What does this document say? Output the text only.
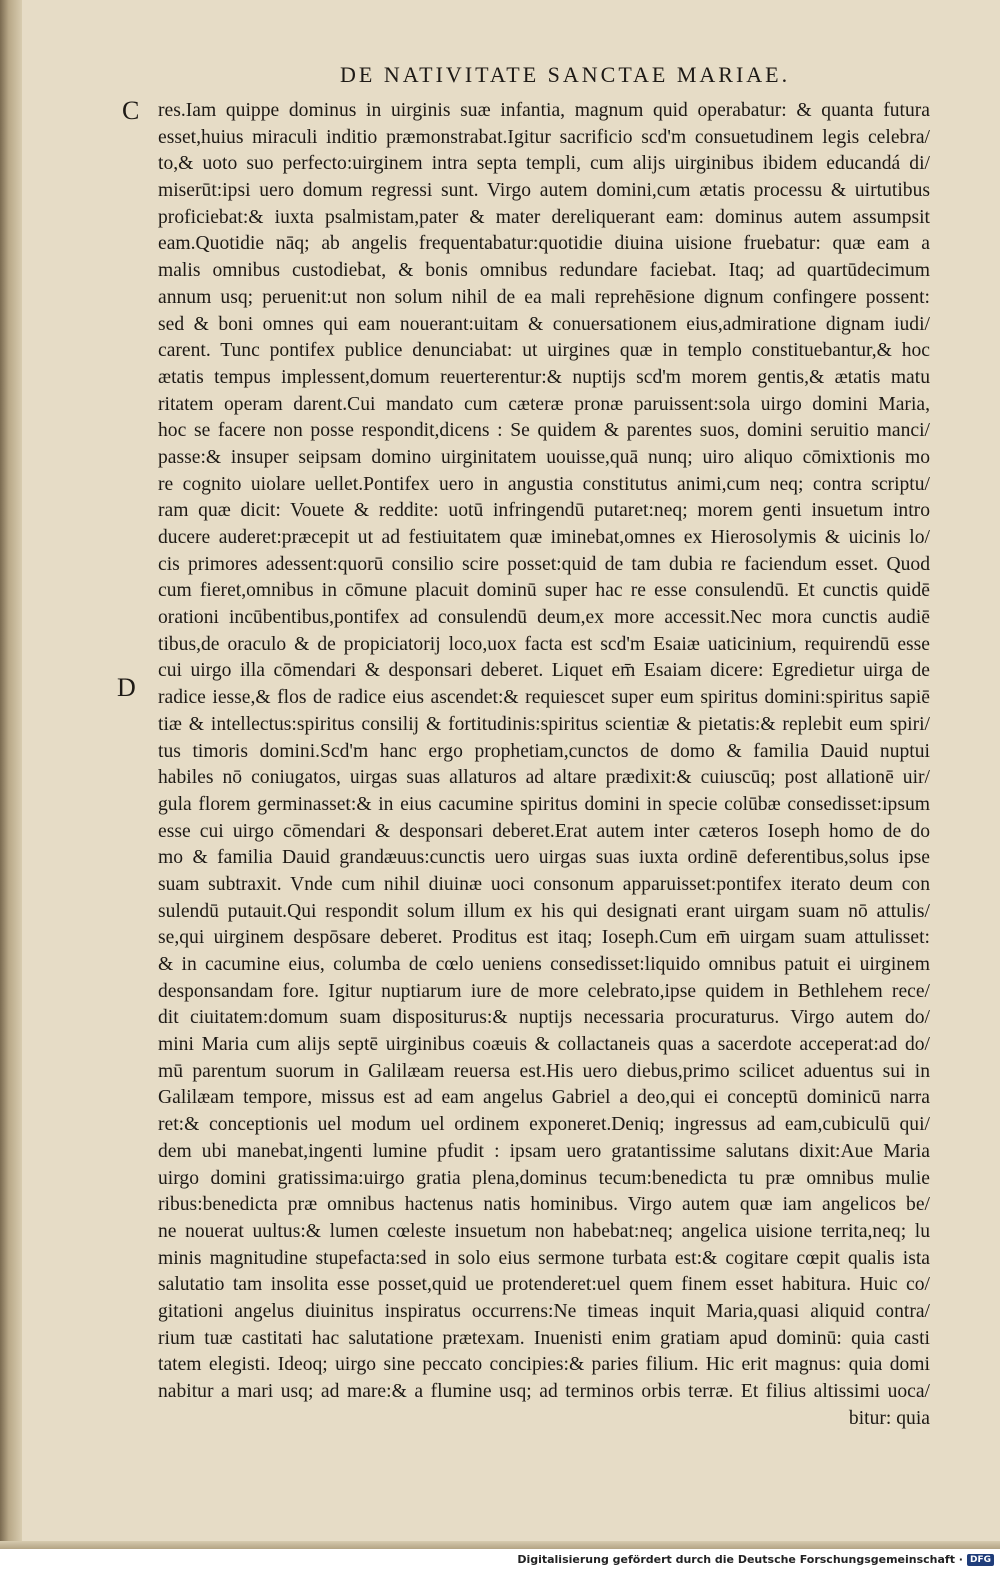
DE NATIVITATE SANCTAE MARIAE.
C
D
res.Iam quippe dominus in uirginis suæ infantia, magnum quid operabatur: & quanta futura
esset,huius miraculi inditio præmonstrabat.Igitur sacrificio scd'm consuetudinem legis celebra/
to,& uoto suo perfecto:uirginem intra septa templi, cum alijs uirginibus ibidem educandá di/
miserūt:ipsi uero domum regressi sunt. Virgo autem domini,cum ætatis processu & uirtutibus
proficiebat:& iuxta psalmistam,pater & mater dereliquerant eam: dominus autem assumpsit
eam.Quotidie nāq; ab angelis frequentabatur:quotidie diuina uisione fruebatur: quæ eam a
malis omnibus custodiebat, & bonis omnibus redundare faciebat. Itaq; ad quartūdecimum
annum usq; peruenit:ut non solum nihil de ea mali reprehēsione dignum confingere possent:
sed & boni omnes qui eam nouerant:uitam & conuersationem eius,admiratione dignam iudi/
carent. Tunc pontifex publice denunciabat: ut uirgines quæ in templo constituebantur,& hoc
ætatis tempus implessent,domum reuerterentur:& nuptijs scd'm morem gentis,& ætatis matu
ritatem operam darent.Cui mandato cum cæteræ pronæ paruissent:sola uirgo domini Maria,
hoc se facere non posse respondit,dicens : Se quidem & parentes suos, domini seruitio manci/
passe:& insuper seipsam domino uirginitatem uouisse,quā nunq; uiro aliquo cōmixtionis mo
re cognito uiolare uellet.Pontifex uero in angustia constitutus animi,cum neq; contra scriptu/
ram quæ dicit: Vouete & reddite: uotū infringendū putaret:neq; morem genti insuetum intro
ducere auderet:præcepit ut ad festiuitatem quæ iminebat,omnes ex Hierosolymis & uicinis lo/
cis primores adessent:quorū consilio scire posset:quid de tam dubia re faciendum esset. Quod
cum fieret,omnibus in cōmune placuit dominū super hac re esse consulendū. Et cunctis quidē
orationi incūbentibus,pontifex ad consulendū deum,ex more accessit.Nec mora cunctis audiē
tibus,de oraculo & de propiciatorij loco,uox facta est scd'm Esaiæ uaticinium, requirendū esse
cui uirgo illa cōmendari & desponsari deberet. Liquet em̄ Esaiam dicere: Egredietur uirga de
radice iesse,& flos de radice eius ascendet:& requiescet super eum spiritus domini:spiritus sapiē
tiæ & intellectus:spiritus consilij & fortitudinis:spiritus scientiæ & pietatis:& replebit eum spiri/
tus timoris domini.Scd'm hanc ergo prophetiam,cunctos de domo & familia Dauid nuptui
habiles nō coniugatos, uirgas suas allaturos ad altare prædixit:& cuiuscūq; post allationē uir/
gula florem germinasset:& in eius cacumine spiritus domini in specie colūbæ consedisset:ipsum
esse cui uirgo cōmendari & desponsari deberet.Erat autem inter cæteros Ioseph homo de do
mo & familia Dauid grandæuus:cunctis uero uirgas suas iuxta ordinē deferentibus,solus ipse
suam subtraxit. Vnde cum nihil diuinæ uoci consonum apparuisset:pontifex iterato deum con
sulendū putauit.Qui respondit solum illum ex his qui designati erant uirgam suam nō attulis/
se,qui uirginem despōsare deberet. Proditus est itaq; Ioseph.Cum em̄ uirgam suam attulisset:
& in cacumine eius, columba de cœlo ueniens consedisset:liquido omnibus patuit ei uirginem
desponsandam fore. Igitur nuptiarum iure de more celebrato,ipse quidem in Bethlehem rece/
dit ciuitatem:domum suam dispositurus:& nuptijs necessaria procuraturus. Virgo autem do/
mini Maria cum alijs septē uirginibus coæuis & collactaneis quas a sacerdote acceperat:ad do/
mū parentum suorum in Galilæam reuersa est.His uero diebus,primo scilicet aduentus sui in
Galilæam tempore, missus est ad eam angelus Gabriel a deo,qui ei conceptū dominicū narra
ret:& conceptionis uel modum uel ordinem exponeret.Deniq; ingressus ad eam,cubiculū qui/
dem ubi manebat,ingenti lumine pfudit : ipsam uero gratantissime salutans dixit:Aue Maria
uirgo domini gratissima:uirgo gratia plena,dominus tecum:benedicta tu præ omnibus mulie
ribus:benedicta præ omnibus hactenus natis hominibus. Virgo autem quæ iam angelicos be/
ne nouerat uultus:& lumen cœleste insuetum non habebat:neq; angelica uisione territa,neq; lu
minis magnitudine stupefacta:sed in solo eius sermone turbata est:& cogitare cœpit qualis ista
salutatio tam insolita esse posset,quid ue protenderet:uel quem finem esset habitura. Huic co/
gitationi angelus diuinitus inspiratus occurrens:Ne timeas inquit Maria,quasi aliquid contra/
rium tuæ castitati hac salutatione prætexam. Inuenisti enim gratiam apud dominū: quia casti
tatem elegisti. Ideoq; uirgo sine peccato concipies:& paries filium. Hic erit magnus: quia domi
nabitur a mari usq; ad mare:& a flumine usq; ad terminos orbis terræ. Et filius altissimi uoca/
bitur: quia
Digitalisierung gefördert durch die Deutsche Forschungsgemeinschaft · DFG
